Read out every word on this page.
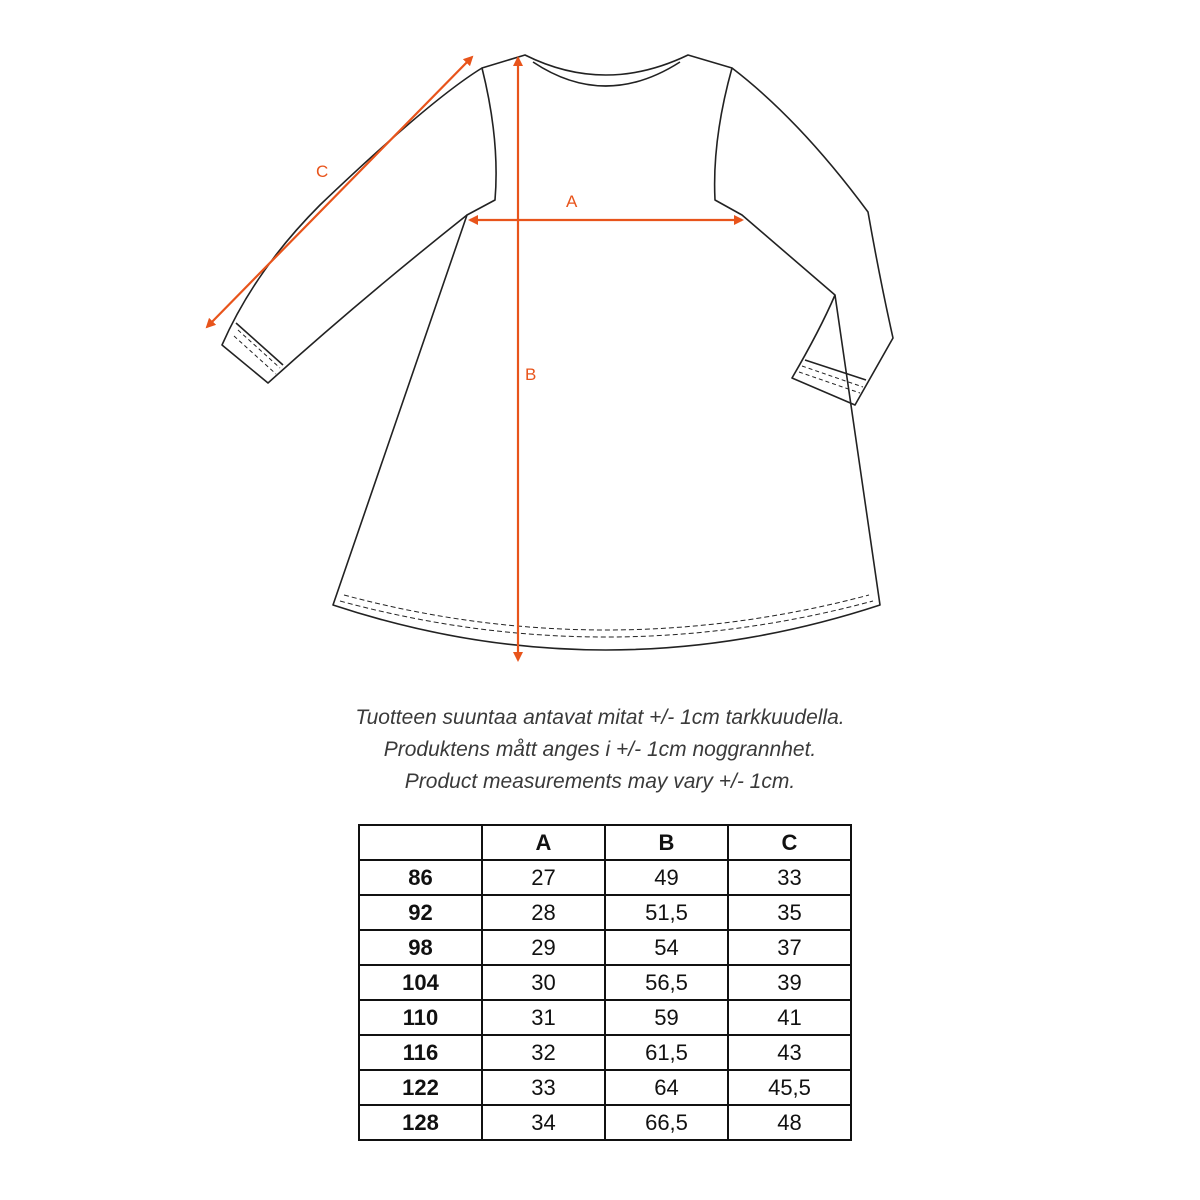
A
B
C
Tuotteen suuntaa antavat mitat +/- 1cm tarkkuudella.
Produktens mått anges i +/- 1cm noggrannhet.
Product measurements may vary +/- 1cm.
	A	B	C
86	27	49	33
92	28	51,5	35
98	29	54	37
104	30	56,5	39
110	31	59	41
116	32	61,5	43
122	33	64	45,5
128	34	66,5	48
